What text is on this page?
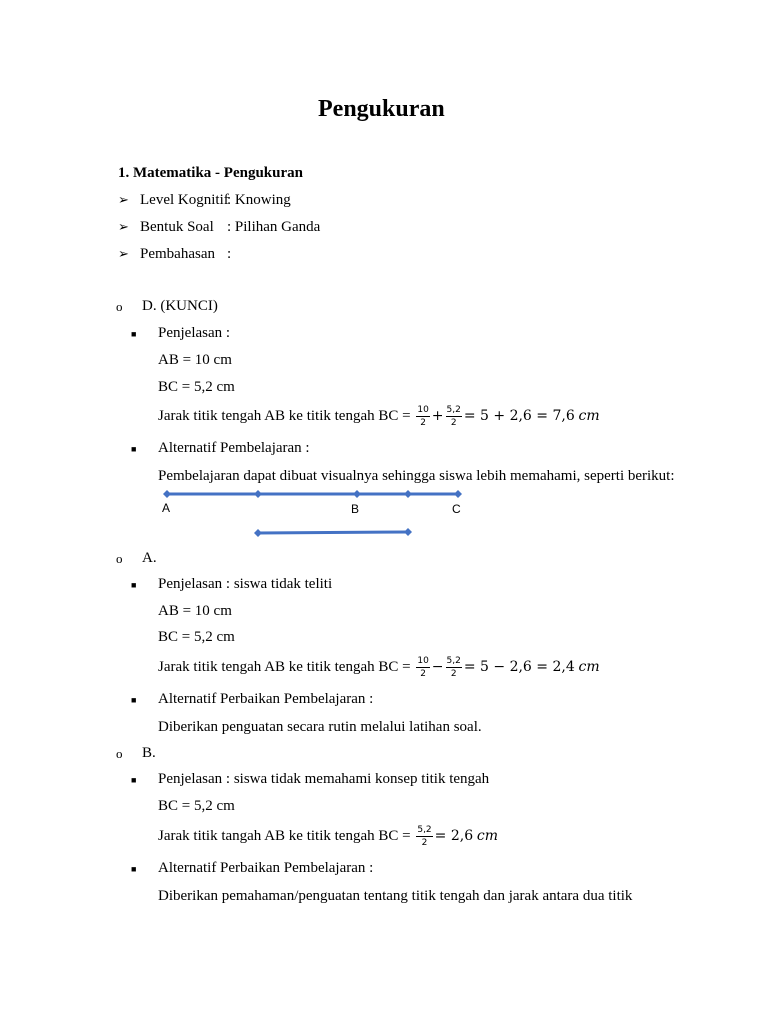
Pengukuran
1. Matematika - Pengukuran
➢ Level Kognitif
: Knowing
➢ Bentuk Soal : Pilihan Ganda
➢ Pembahasan :
o D. (KUNCI)
■ Penjelasan :
AB = 10 cm
BC = 5,2 cm
Jarak titik tengah AB ke titik tengah BC = $\frac{10}{2} + \frac{5,2}{2} = 5 + 2,6 = 7,6$ cm
■ Alternatif Pembelajaran :
Pembelajaran dapat dibuat visualnya sehingga siswa lebih memahami, seperti berikut:
A	B	C
o A.
■ Penjelasan : siswa tidak teliti
AB = 10 cm
BC = 5,2 cm
Jarak titik tengah AB ke titik tengah BC = $\frac{10}{2} - \frac{5,2}{2} = 5 - 2,6 = 2,4$ cm
■ Alternatif Perbaikan Pembelajaran :
Diberikan penguatan secara rutin melalui latihan soal.
o B.
■ Penjelasan : siswa tidak memahami konsep titik tengah
BC = 5,2 cm
Jarak titik tangah AB ke titik tengah BC = $\frac{5,2}{2} = 2,6$ cm
■ Alternatif Perbaikan Pembelajaran :
Diberikan pemahaman/penguatan tentang titik tengah dan jarak antara dua titik
